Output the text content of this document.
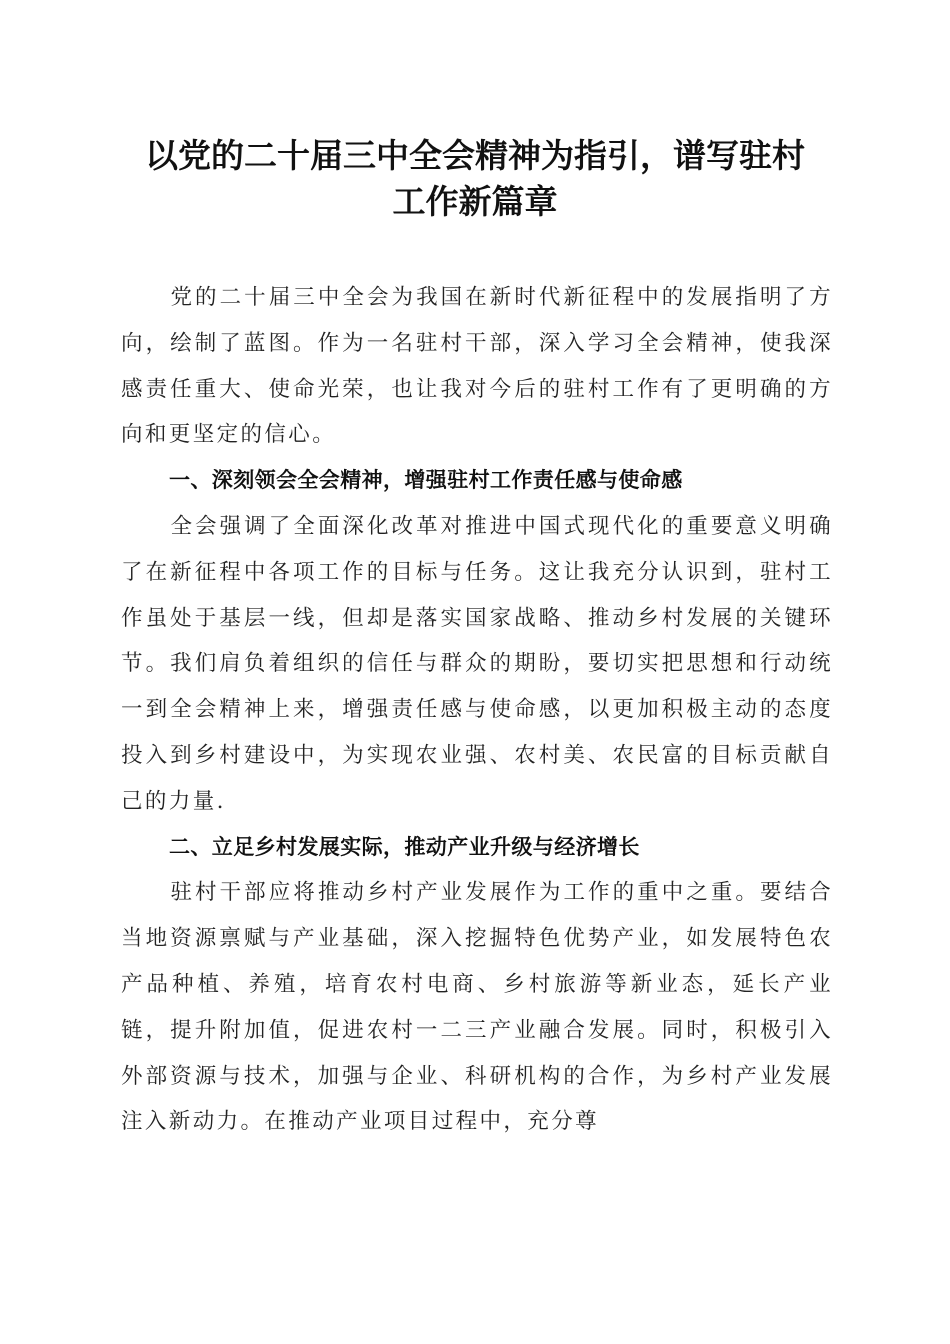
以党的二十届三中全会精神为指引，谱写驻村
工作新篇章

党的二十届三中全会为我国在新时代新征程中的发展指明了方向，绘制了蓝图。作为一名驻村干部，深入学习全会精神，使我深感责任重大、使命光荣，也让我对今后的驻村工作有了更明确的方向和更坚定的信心。

一、深刻领会全会精神，增强驻村工作责任感与使命感

全会强调了全面深化改革对推进中国式现代化的重要意义明确了在新征程中各项工作的目标与任务。这让我充分认识到，驻村工作虽处于基层一线，但却是落实国家战略、推动乡村发展的关键环节。我们肩负着组织的信任与群众的期盼，要切实把思想和行动统一到全会精神上来，增强责任感与使命感，以更加积极主动的态度投入到乡村建设中，为实现农业强、农村美、农民富的目标贡献自己的力量.

二、立足乡村发展实际，推动产业升级与经济增长

驻村干部应将推动乡村产业发展作为工作的重中之重。要结合当地资源禀赋与产业基础，深入挖掘特色优势产业，如发展特色农产品种植、养殖，培育农村电商、乡村旅游等新业态，延长产业链，提升附加值，促进农村一二三产业融合发展。同时，积极引入外部资源与技术，加强与企业、科研机构的合作，为乡村产业发展注入新动力。在推动产业项目过程中，充分尊
